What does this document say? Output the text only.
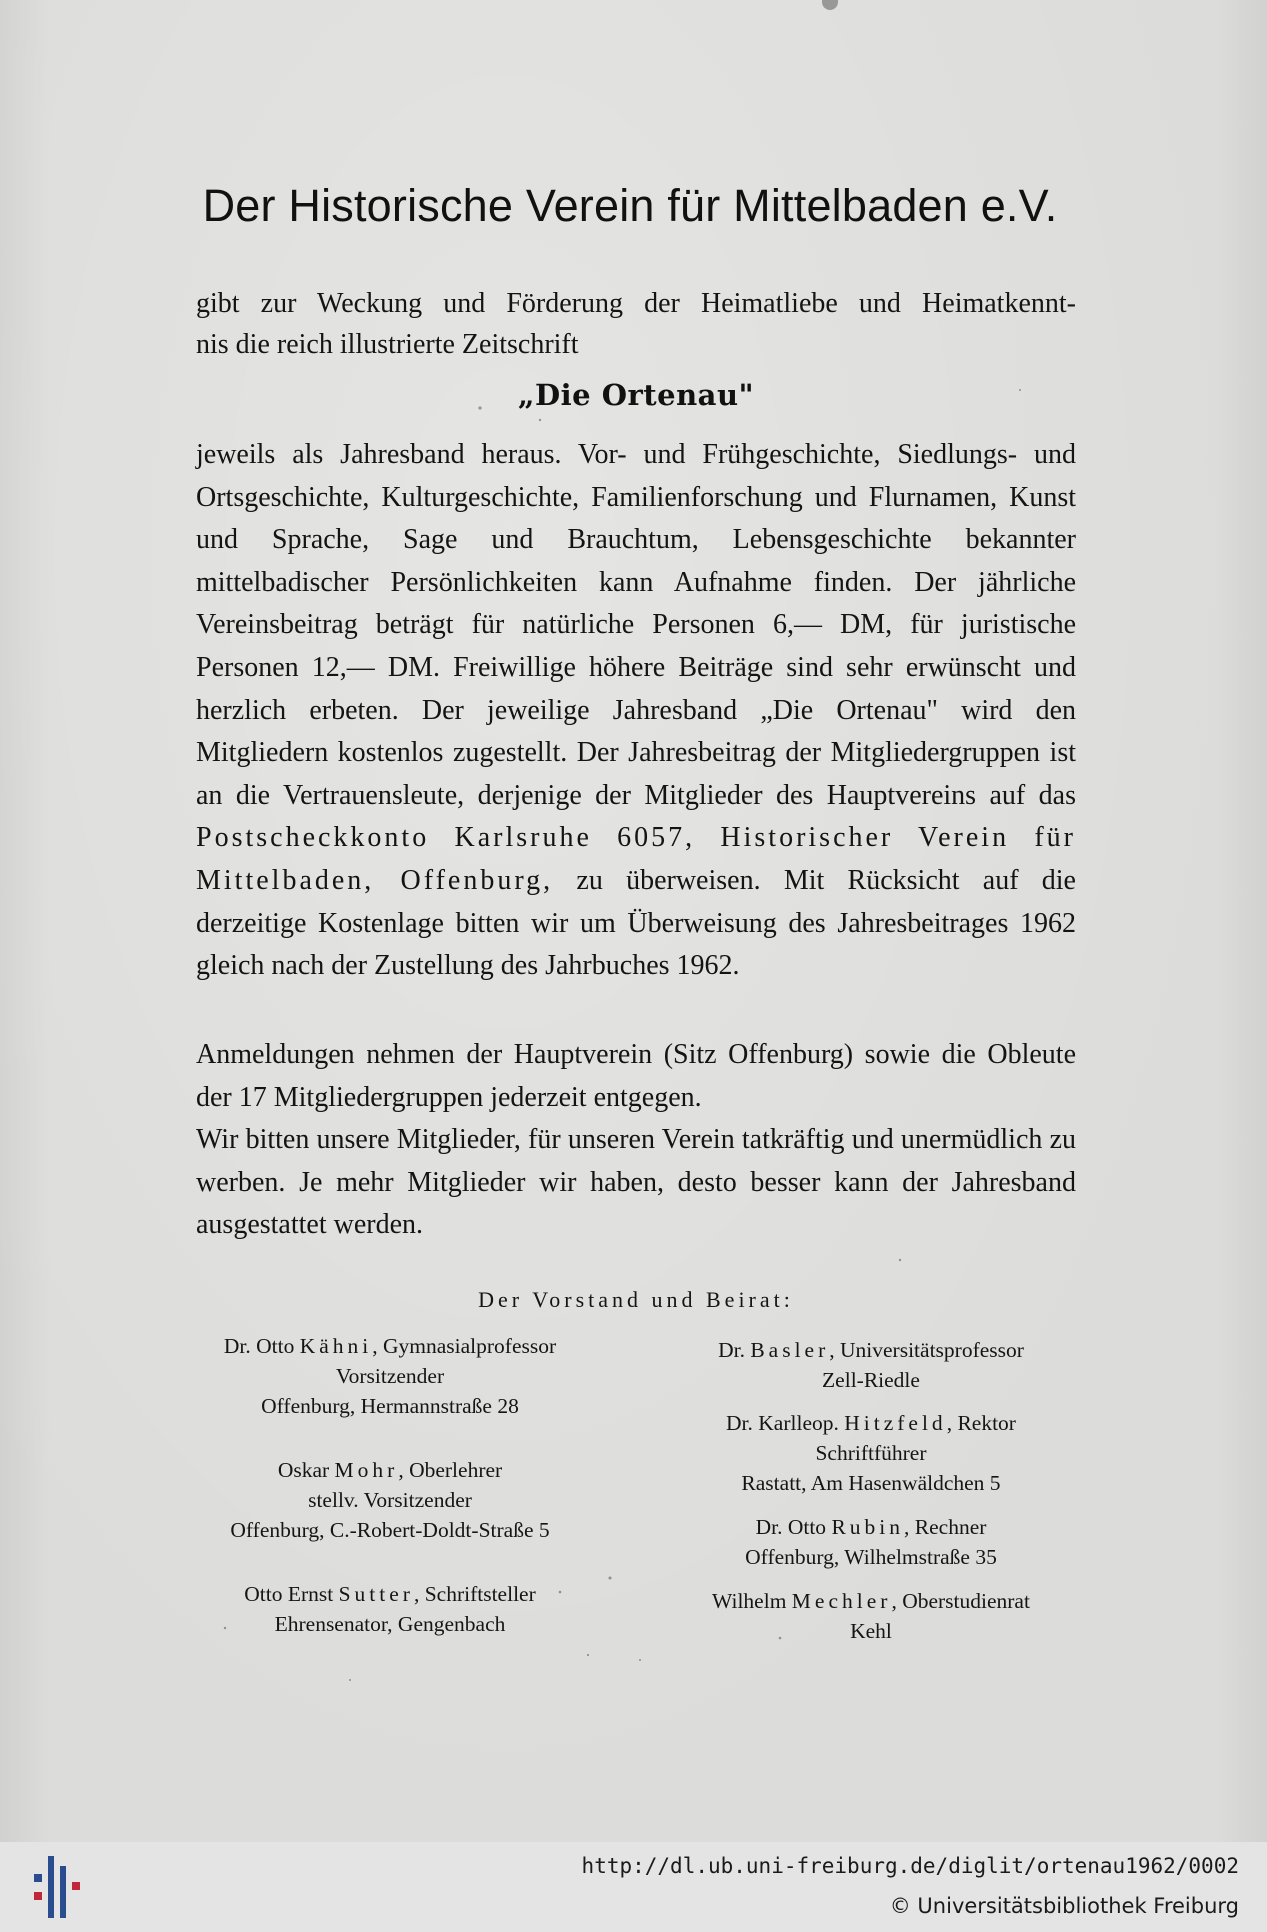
Der Historische Verein für Mittelbaden e.V.
gibt zur Weckung und Förderung der Heimatliebe und Heimatkennt-
nis die reich illustrierte Zeitschrift
„Die Ortenau"
jeweils als Jahresband heraus. Vor- und Frühgeschichte, Siedlungs- und Ortsgeschichte, Kulturgeschichte, Familienforschung und Flurnamen, Kunst und Sprache, Sage und Brauchtum, Lebensgeschichte bekannter mittelbadischer Persönlichkeiten kann Aufnahme finden. Der jährliche Vereinsbeitrag beträgt für natürliche Personen 6,— DM, für juristische Personen 12,— DM. Freiwillige höhere Beiträge sind sehr erwünscht und herzlich erbeten. Der jeweilige Jahresband „Die Ortenau" wird den Mitgliedern kostenlos zugestellt. Der Jahresbeitrag der Mitgliedergruppen ist an die Vertrauensleute, derjenige der Mitglieder des Hauptvereins auf das Postscheckkonto Karlsruhe 6057, Historischer Verein für Mittelbaden, Offenburg, zu überweisen. Mit Rücksicht auf die derzeitige Kostenlage bitten wir um Überweisung des Jahresbeitrages 1962 gleich nach der Zustellung des Jahrbuches 1962.
Anmeldungen nehmen der Hauptverein (Sitz Offenburg) sowie die Obleute der 17 Mitgliedergruppen jederzeit entgegen.
Wir bitten unsere Mitglieder, für unseren Verein tatkräftig und unermüdlich zu werben. Je mehr Mitglieder wir haben, desto besser kann der Jahresband ausgestattet werden.
Der Vorstand und Beirat:
Dr. Otto Kähni, Gymnasialprofessor
Vorsitzender
Offenburg, Hermannstraße 28
Oskar Mohr, Oberlehrer
stellv. Vorsitzender
Offenburg, C.-Robert-Doldt-Straße 5
Otto Ernst Sutter, Schriftsteller
Ehrensenator, Gengenbach
Dr. Basler, Universitätsprofessor
Zell-Riedle
Dr. Karlleop. Hitzfeld, Rektor
Schriftführer
Rastatt, Am Hasenwäldchen 5
Dr. Otto Rubin, Rechner
Offenburg, Wilhelmstraße 35
Wilhelm Mechler, Oberstudienrat
Kehl
http://dl.ub.uni-freiburg.de/diglit/ortenau1962/0002
© Universitätsbibliothek Freiburg
